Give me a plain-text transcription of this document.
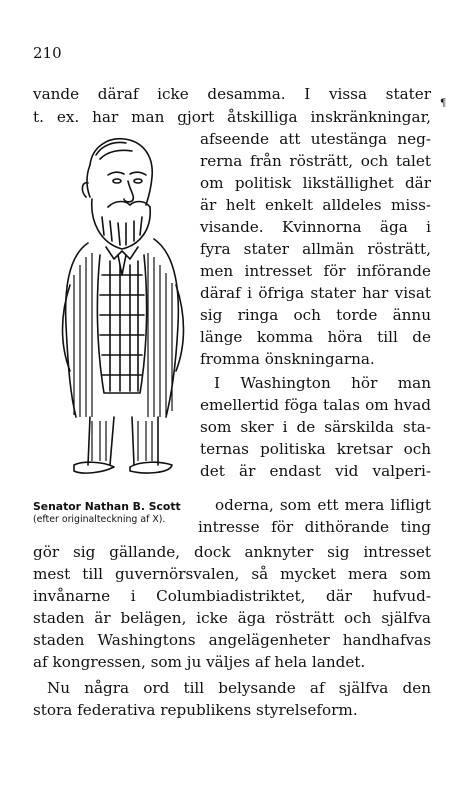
210
¶
vande däraf icke desamma. I vissa stater
t. ex. har man gjort åtskilliga inskränkningar,
afseende att utestänga neg-
rerna från rösträtt, och talet
om politisk likställighet där
är helt enkelt alldeles miss-
visande. Kvinnorna äga i
fyra stater allmän rösträtt,
men intresset för införande
däraf i öfriga stater har visat
sig ringa och torde ännu
länge komma höra till de
fromma önskningarna.
I Washington hör man
emellertid föga talas om hvad
som sker i de särskilda sta-
ternas politiska kretsar och
det är endast vid valperi-
oderna, som ett mera lifligt
intresse för dithörande ting
gör sig gällande, dock anknyter sig intresset
mest till guvernörsvalen, så mycket mera som
invånarne i Columbiadistriktet, där hufvud-
staden är belägen, icke äga rösträtt och själfva
staden Washingtons angelägenheter handhafvas
af kongressen, som ju väljes af hela landet.
Nu några ord till belysande af själfva den
stora federativa republikens styrelseform.
Senator Nathan B. Scott
(efter originalteckning af X).
